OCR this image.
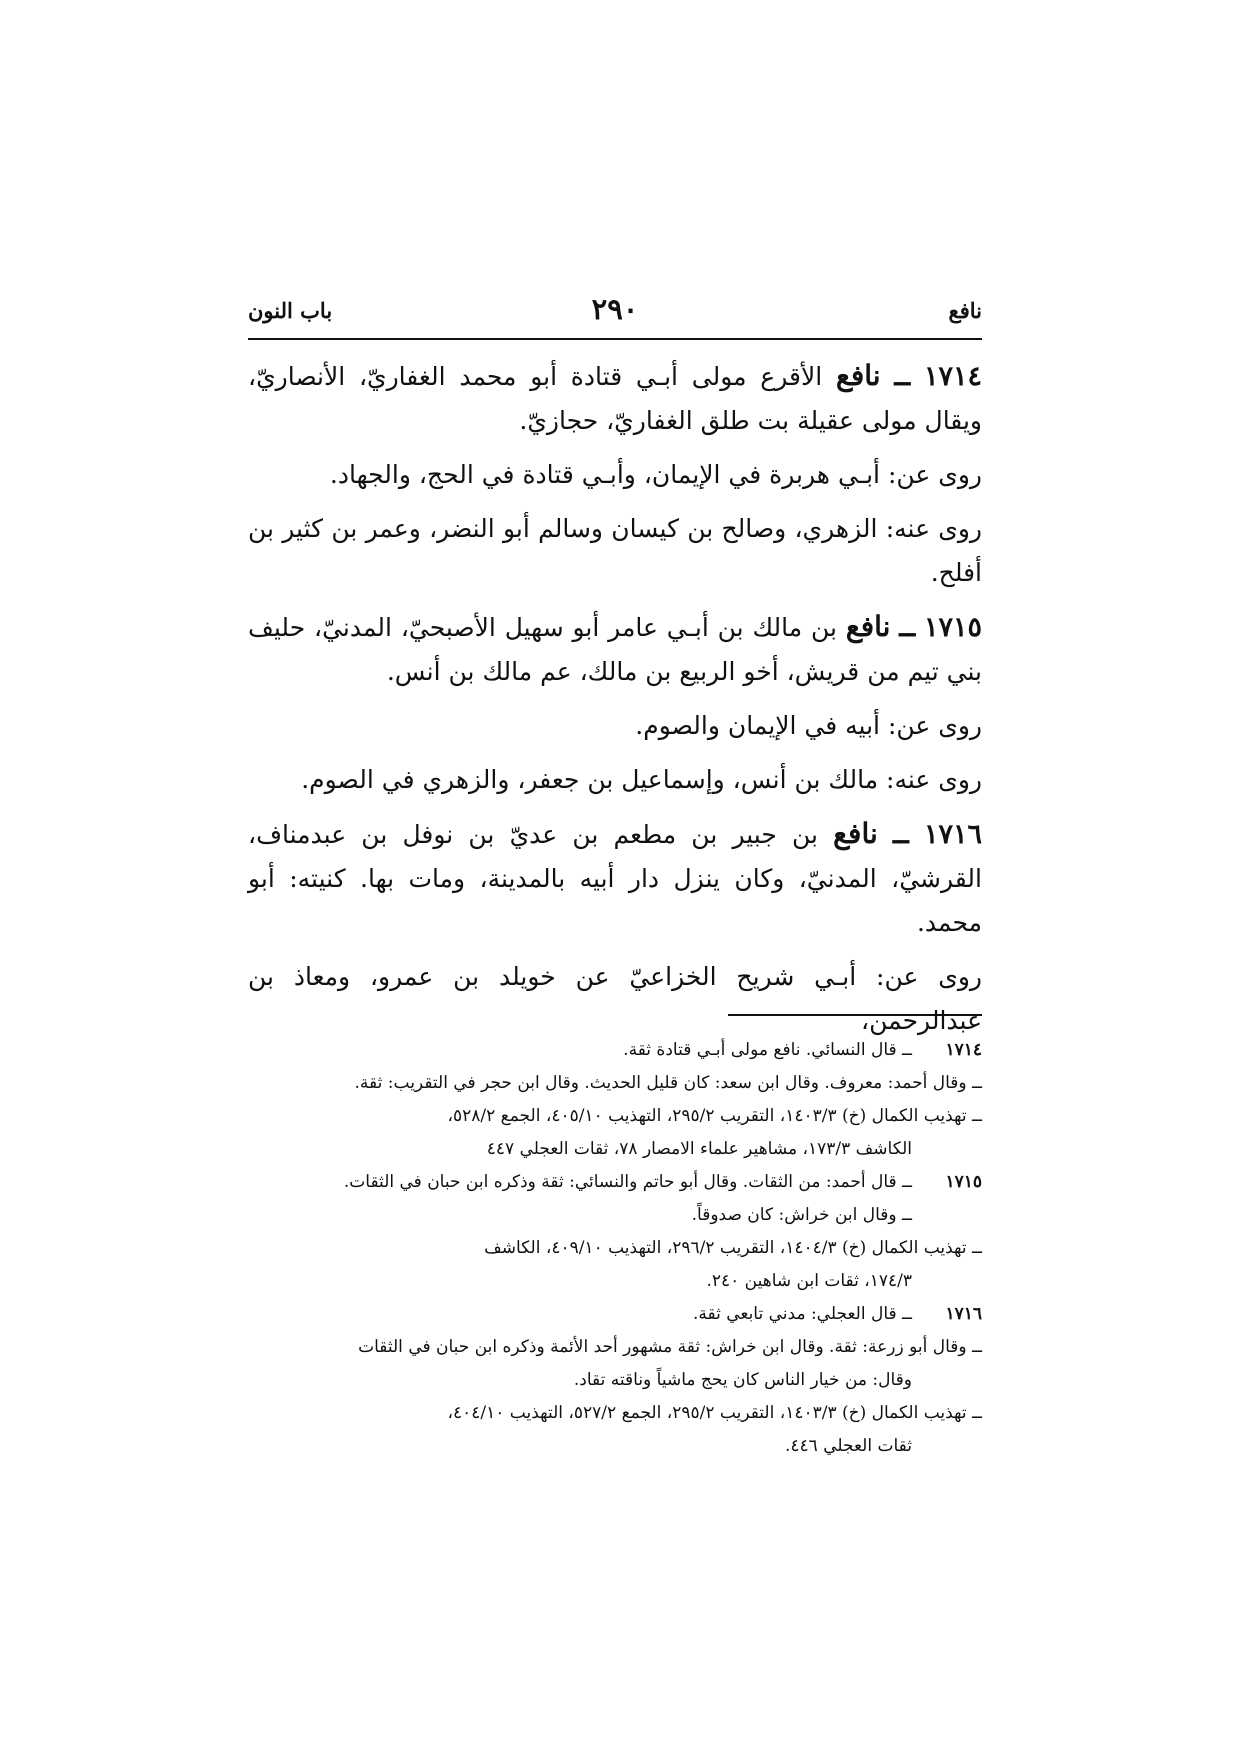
نافع
٢٩٠
باب النون

١٧١٤ ــ نافع الأقرع مولى أبـي قتادة أبو محمد الغفاريّ، الأنصاريّ، ويقال مولى عقيلة بت طلق الغفاريّ، حجازيّ.

روى عن: أبـي هربرة في الإيمان، وأبـي قتادة في الحج، والجهاد.

روى عنه: الزهري، وصالح بن كيسان وسالم أبو النضر، وعمر بن كثير بن أفلح.

١٧١٥ ــ نافع بن مالك بن أبـي عامر أبو سهيل الأصبحيّ، المدنيّ، حليف بني تيم من قريش، أخو الربيع بن مالك، عم مالك بن أنس.

روى عن: أبيه في الإيمان والصوم.

روى عنه: مالك بن أنس، وإسماعيل بن جعفر، والزهري في الصوم.

١٧١٦ ــ نافع بن جبير بن مطعم بن عديّ بن نوفل بن عبدمناف، القرشيّ، المدنيّ، وكان ينزل دار أبيه بالمدينة، ومات بها. كنيته: أبو محمد.

روى عن: أبـي شريح الخزاعيّ عن خويلد بن عمرو، ومعاذ بن عبدالرحمن،

١٧١٤
ــ قال النسائي. نافع مولى أبـي قتادة ثقة.

ــ وقال أحمد: معروف. وقال ابن سعد: كان قليل الحديث. وقال ابن حجر في التقريب: ثقة.

ــ تهذيب الكمال (خ) ١٤٠٣/٣، التقريب ٢٩٥/٢، التهذيب ٤٠٥/١٠، الجمع ٥٢٨/٢،

الكاشف ١٧٣/٣، مشاهير علماء الامصار ٧٨، ثقات العجلي ٤٤٧

١٧١٥
ــ قال أحمد: من الثقات. وقال أبو حاتم والنسائي: ثقة وذكره ابن حبان في الثقات.

ــ وقال ابن خراش: كان صدوقاً.

ــ تهذيب الكمال (خ) ١٤٠٤/٣، التقريب ٢٩٦/٢، التهذيب ٤٠٩/١٠، الكاشف

١٧٤/٣، ثقات ابن شاهين ٢٤٠.

١٧١٦
ــ قال العجلي: مدني تابعي ثقة.

ــ وقال أبو زرعة: ثقة. وقال ابن خراش: ثقة مشهور أحد الأئمة وذكره ابن حبان في الثقات

وقال: من خيار الناس كان يحج ماشياً وناقته تقاد.

ــ تهذيب الكمال (خ) ١٤٠٣/٣، التقريب ٢٩٥/٢، الجمع ٥٢٧/٢، التهذيب ٤٠٤/١٠،

ثقات العجلي ٤٤٦.
